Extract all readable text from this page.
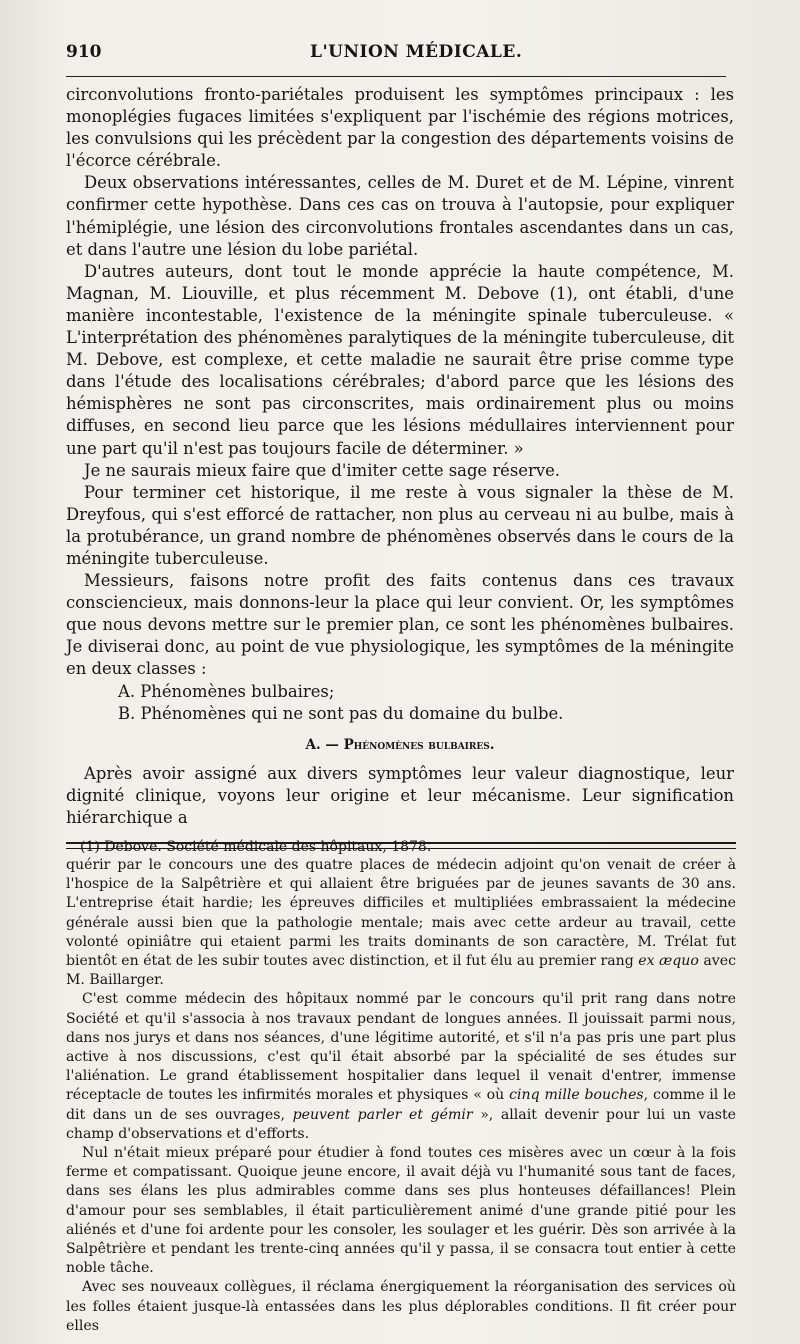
910	L'UNION MÉDICALE.

circonvolutions fronto-pariétales produisent les symptômes principaux : les monoplégies fugaces limitées s'expliquent par l'ischémie des régions motrices, les convulsions qui les précèdent par la congestion des départements voisins de l'écorce cérébrale.

Deux observations intéressantes, celles de M. Duret et de M. Lépine, vinrent confirmer cette hypothèse. Dans ces cas on trouva à l'autopsie, pour expliquer l'hémiplégie, une lésion des circonvolutions frontales ascendantes dans un cas, et dans l'autre une lésion du lobe pariétal.

D'autres auteurs, dont tout le monde apprécie la haute compétence, M. Magnan, M. Liouville, et plus récemment M. Debove (1), ont établi, d'une manière incontestable, l'existence de la méningite spinale tuberculeuse. « L'interprétation des phénomènes paralytiques de la méningite tuberculeuse, dit M. Debove, est complexe, et cette maladie ne saurait être prise comme type dans l'étude des localisations cérébrales; d'abord parce que les lésions des hémisphères ne sont pas circonscrites, mais ordinairement plus ou moins diffuses, en second lieu parce que les lésions médullaires interviennent pour une part qu'il n'est pas toujours facile de déterminer. »

Je ne saurais mieux faire que d'imiter cette sage réserve.

Pour terminer cet historique, il me reste à vous signaler la thèse de M. Dreyfous, qui s'est efforcé de rattacher, non plus au cerveau ni au bulbe, mais à la protubérance, un grand nombre de phénomènes observés dans le cours de la méningite tuberculeuse.

Messieurs, faisons notre profit des faits contenus dans ces travaux consciencieux, mais donnons-leur la place qui leur convient. Or, les symptômes que nous devons mettre sur le premier plan, ce sont les phénomènes bulbaires. Je diviserai donc, au point de vue physiologique, les symptômes de la méningite en deux classes :

A. Phénomènes bulbaires;

B. Phénomènes qui ne sont pas du domaine du bulbe.

A. — Phénomènes bulbaires.

Après avoir assigné aux divers symptômes leur valeur diagnostique, leur dignité clinique, voyons leur origine et leur mécanisme. Leur signification hiérarchique a

(1) Debove. Société médicale des hôpitaux, 1878.

quérir par le concours une des quatre places de médecin adjoint qu'on venait de créer à l'hospice de la Salpêtrière et qui allaient être briguées par de jeunes savants de 30 ans. L'entreprise était hardie; les épreuves difficiles et multipliées embrassaient la médecine générale aussi bien que la pathologie mentale; mais avec cette ardeur au travail, cette volonté opiniâtre qui etaient parmi les traits dominants de son caractère, M. Trélat fut bientôt en état de les subir toutes avec distinction, et il fut élu au premier rang ex æquo avec M. Baillarger.

C'est comme médecin des hôpitaux nommé par le concours qu'il prit rang dans notre Société et qu'il s'associa à nos travaux pendant de longues années. Il jouissait parmi nous, dans nos jurys et dans nos séances, d'une légitime autorité, et s'il n'a pas pris une part plus active à nos discussions, c'est qu'il était absorbé par la spécialité de ses études sur l'aliénation. Le grand établissement hospitalier dans lequel il venait d'entrer, immense réceptacle de toutes les infirmités morales et physiques « où cinq mille bouches, comme il le dit dans un de ses ouvrages, peuvent parler et gémir », allait devenir pour lui un vaste champ d'observations et d'efforts.

Nul n'était mieux préparé pour étudier à fond toutes ces misères avec un cœur à la fois ferme et compatissant. Quoique jeune encore, il avait déjà vu l'humanité sous tant de faces, dans ses élans les plus admirables comme dans ses plus honteuses défaillances! Plein d'amour pour ses semblables, il était particulièrement animé d'une grande pitié pour les aliénés et d'une foi ardente pour les consoler, les soulager et les guérir. Dès son arrivée à la Salpêtrière et pendant les trente-cinq années qu'il y passa, il se consacra tout entier à cette noble tâche.

Avec ses nouveaux collègues, il réclama énergiquement la réorganisation des services où les folles étaient jusque-là entassées dans les plus déplorables conditions. Il fit créer pour elles
